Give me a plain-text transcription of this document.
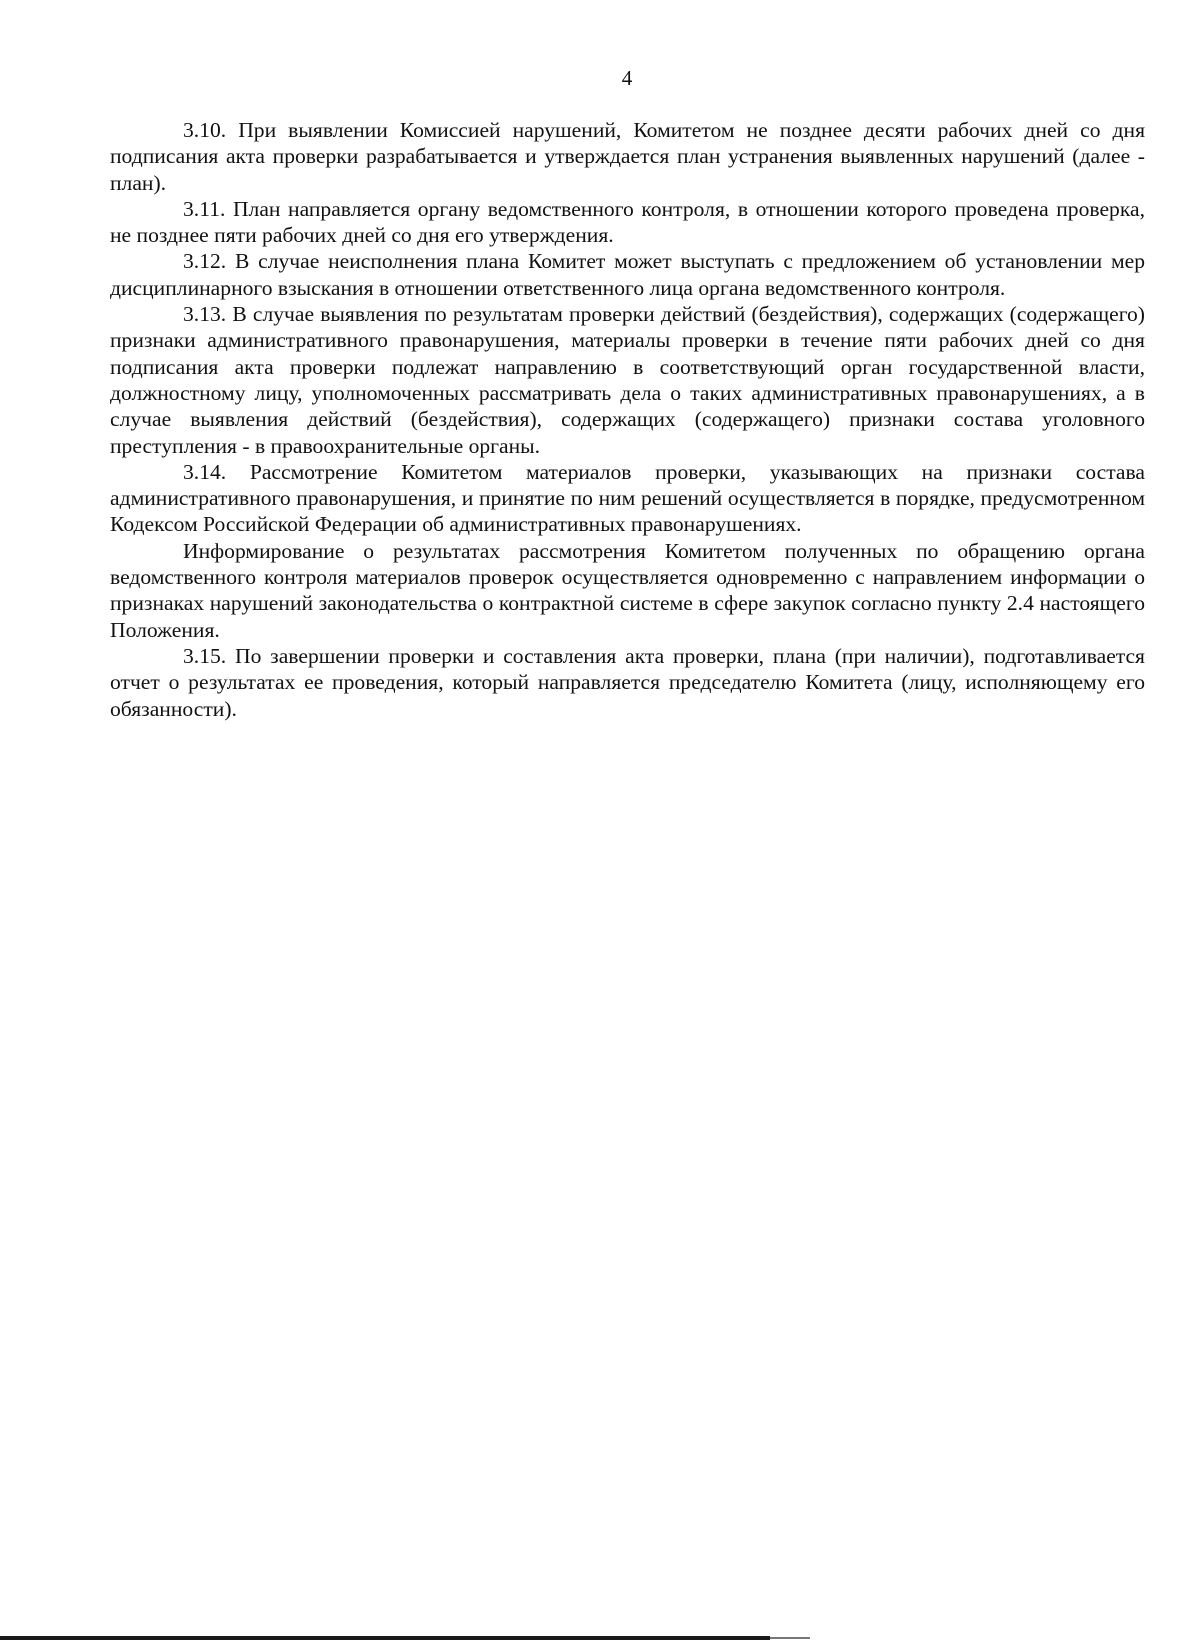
4

3.10. При выявлении Комиссией нарушений, Комитетом не позднее десяти рабочих дней со дня подписания акта проверки разрабатывается и утверждается план устранения выявленных нарушений (далее - план).

3.11. План направляется органу ведомственного контроля, в отношении которого проведена проверка, не позднее пяти рабочих дней со дня его утверждения.

3.12. В случае неисполнения плана Комитет может выступать с предложением об установлении мер дисциплинарного взыскания в отношении ответственного лица органа ведомственного контроля.

3.13. В случае выявления по результатам проверки действий (бездействия), содержащих (содержащего) признаки административного правонарушения, материалы проверки в течение пяти рабочих дней со дня подписания акта проверки подлежат направлению в соответствующий орган государственной власти, должностному лицу, уполномоченных рассматривать дела о таких административных правонарушениях, а в случае выявления действий (бездействия), содержащих (содержащего) признаки состава уголовного преступления - в правоохранительные органы.

3.14. Рассмотрение Комитетом материалов проверки, указывающих на признаки состава административного правонарушения, и принятие по ним решений осуществляется в порядке, предусмотренном Кодексом Российской Федерации об административных правонарушениях.

Информирование о результатах рассмотрения Комитетом полученных по обращению органа ведомственного контроля материалов проверок осуществляется одновременно с направлением информации о признаках нарушений законодательства о контрактной системе в сфере закупок согласно пункту 2.4 настоящего Положения.

3.15. По завершении проверки и составления акта проверки, плана (при наличии), подготавливается отчет о результатах ее проведения, который направляется председателю Комитета (лицу, исполняющему его обязанности).
